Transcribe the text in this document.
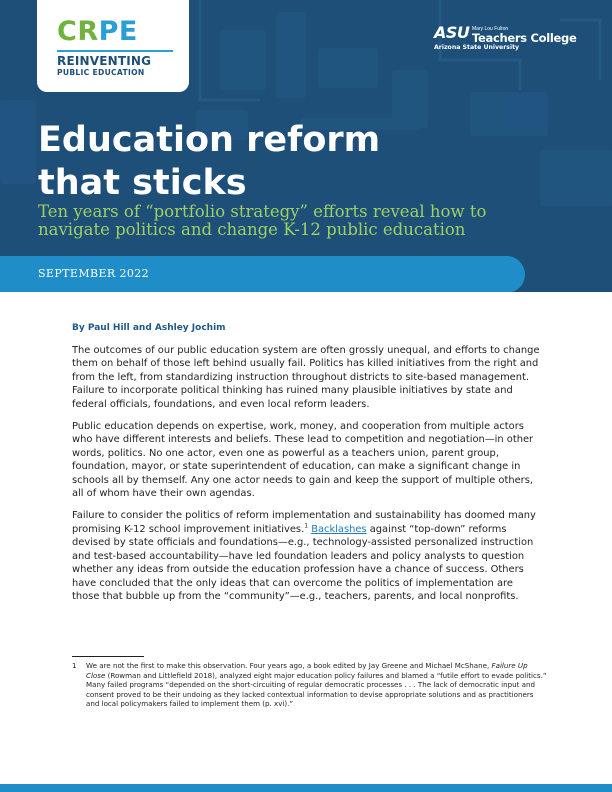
CRPE
REINVENTING
PUBLIC EDUCATION
ASU Mary Lou Fulton
Teachers College
Arizona State University
Education reform
that sticks

Ten years of “portfolio strategy” efforts reveal how to
navigate politics and change K-12 public education

SEPTEMBER 2022
By Paul Hill and Ashley Jochim

The outcomes of our public education system are often grossly unequal, and efforts to change them on behalf of those left behind usually fail. Politics has killed initiatives from the right and from the left, from standardizing instruction throughout districts to site-based management. Failure to incorporate political thinking has ruined many plausible initiatives by state and federal officials, foundations, and even local reform leaders.

Public education depends on expertise, work, money, and cooperation from multiple actors who have different interests and beliefs. These lead to competition and negotiation—in other words, politics. No one actor, even one as powerful as a teachers union, parent group, foundation, mayor, or state superintendent of education, can make a significant change in schools all by themself. Any one actor needs to gain and keep the support of multiple others, all of whom have their own agendas.

Failure to consider the politics of reform implementation and sustainability has doomed many promising K-12 school improvement initiatives.$^1$ Backlashes against “top-down” reforms devised by state officials and foundations—e.g., technology-assisted personalized instruction and test-based accountability—have led foundation leaders and policy analysts to question whether any ideas from outside the education profession have a chance of success. Others have concluded that the only ideas that can overcome the politics of implementation are those that bubble up from the “community”—e.g., teachers, parents, and local nonprofits.

1 We are not the first to make this observation. Four years ago, a book edited by Jay Greene and Michael McShane, Failure Up Close (Rowman and Littlefield 2018), analyzed eight major education policy failures and blamed a “futile effort to evade politics.” Many failed programs “depended on the short-circuiting of regular democratic processes . . . The lack of democratic input and consent proved to be their undoing as they lacked contextual information to devise appropriate solutions and as practitioners and local policymakers failed to implement them (p. xvi).”
